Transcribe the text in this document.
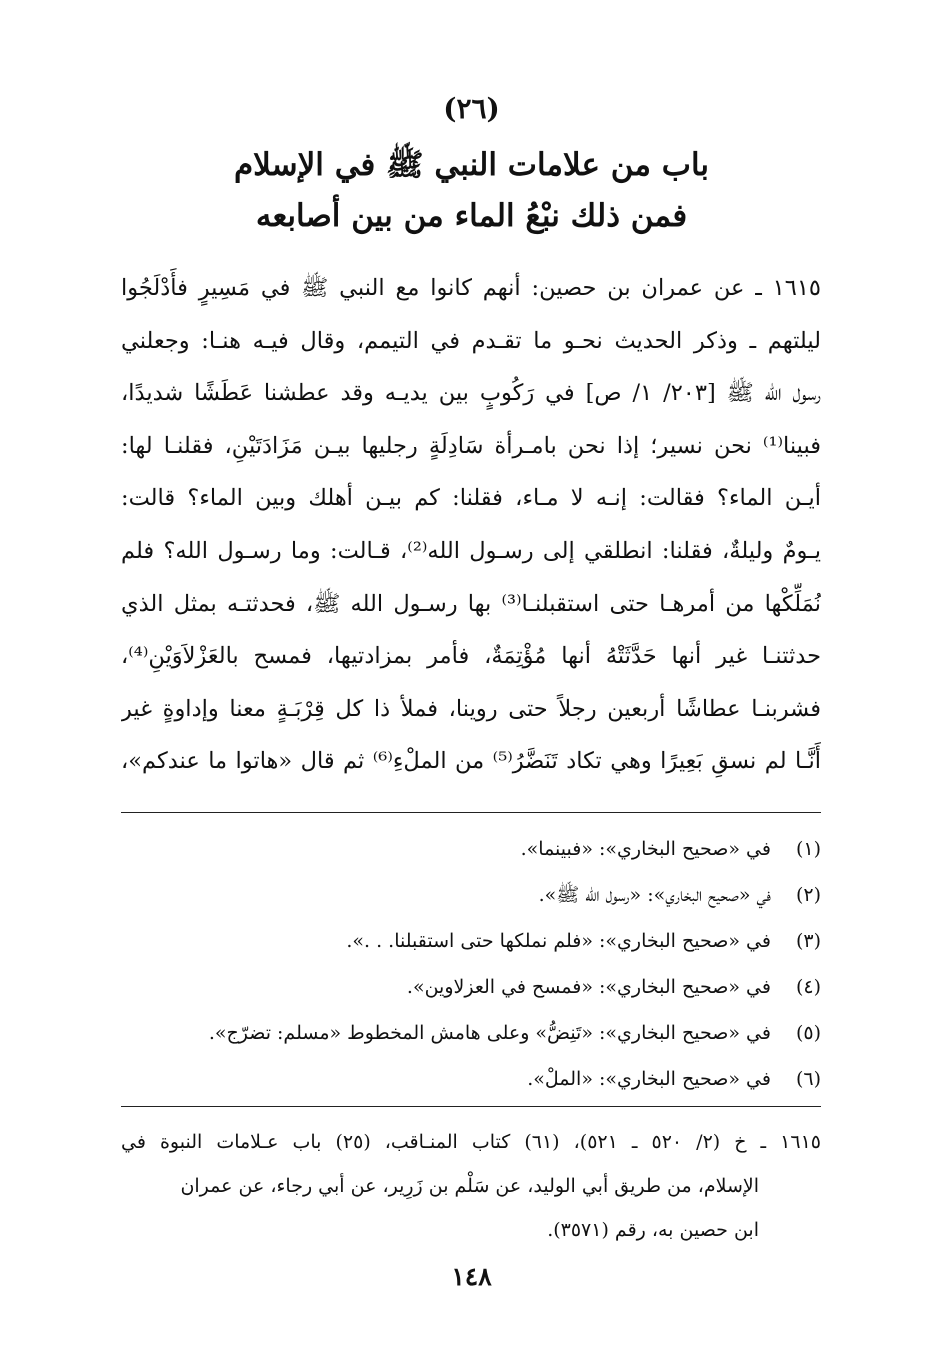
(٢٦)
باب من علامات النبي ﷺ في الإسلام
فمن ذلك نبْعُ الماء من بين أصابعه
١٦١٥ ـ عن عمران بن حصين: أنهم كانوا مع النبي ﷺ في مَسِيرٍ فأَدْلَجُوا
ليلتهم ـ وذكر الحديث نحـو ما تقـدم في التيمم، وقال فيـه هنـا: وجعلني
رسول الله ﷺ [٢٠٣/ ١/ ص] في رَكُوبٍ بين يديـه وقد عطشنا عَطَشًا شديدًا،
فبينا⁽¹⁾ نحن نسير؛ إذا نحن بامـرأة سَادِلَةٍ رجليها بيـن مَزَادَتَيْنِ، فقلنـا لها:
أيـن الماء؟ فقالت: إنـه لا مـاء، فقلنا: كم بيـن أهلك وبين الماء؟ قالت:
يـومٌ وليلةٌ، فقلنا: انطلقي إلى رسـول الله⁽²⁾، قـالت: وما رسـول الله؟ فلم
نُمَلِّكْها من أمرهـا حتى استقبلنـا⁽³⁾ بها رسـول الله ﷺ، فحدثتـه بمثل الذي
حدثتنـا غير أنها حَدَّثَتْهُ أنها مُؤْتِمَةٌ، فأمر بمزادتيها، فمسح بالعَزْلاَوَيْنِ⁽⁴⁾،
فشربنـا عطاشًا أربعين رجلاً حتى روينا، فملأ ذا كل قِرْبَـةٍ معنا وإداوةٍ غير
أَنَّـا لم نسقِ بَعِيرًا وهي تكاد تَنَضَّرُ⁽⁵⁾ من الملْءِ⁽⁶⁾ ثم قال «هاتوا ما عندكم»،
(١) في «صحيح البخاري»: «فبينما».
(٢) في «صحيح البخاري»: «رسول الله ﷺ».
(٣) في «صحيح البخاري»: «فلم نملكها حتى استقبلنا. . .».
(٤) في «صحيح البخاري»: «فمسح في العزلاوين».
(٥) في «صحيح البخاري»: «تَنِضُّ» وعلى هامش المخطوط «مسلم: تضرّج».
(٦) في «صحيح البخاري»: «الملْ».
١٦١٥ ـ خ (٢/ ٥٢٠ ـ ٥٢١)، (٦١) كتاب المنـاقب، (٢٥) باب عـلامات النبوة في
الإسلام، من طريق أبي الوليد، عن سَلْم بن زَرِير، عن أبي رجاء، عن عمران
ابن حصين به، رقم (٣٥٧١).
١٤٨
